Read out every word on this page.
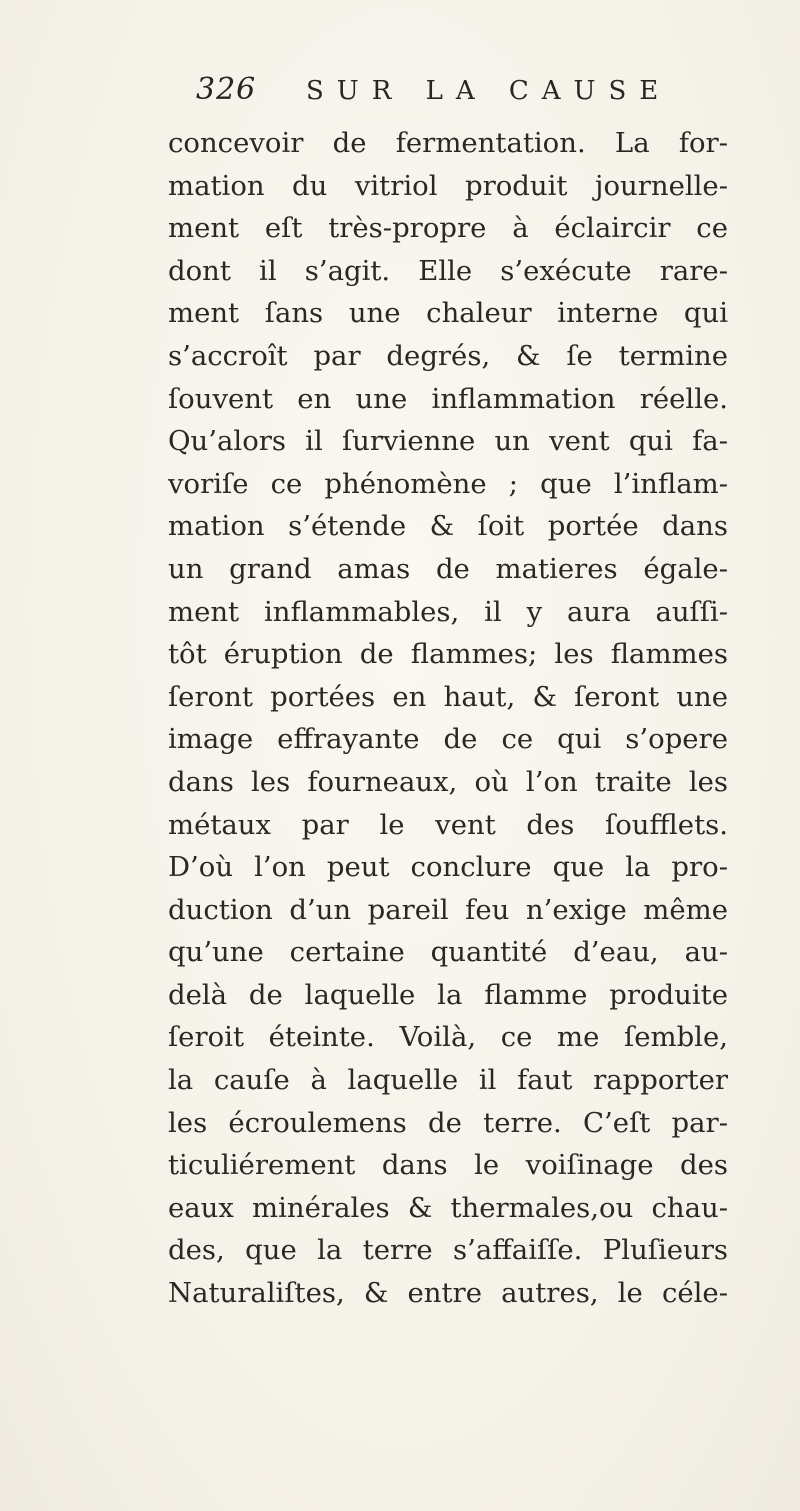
326 SUR LA CAUSE
concevoir de fermentation. La for-
mation du vitriol produit journelle-
ment eſt très-propre à éclaircir ce
dont il s’agit. Elle s’exécute rare-
ment ſans une chaleur interne qui
s’accroît par degrés, & ſe termine
ſouvent en une inflammation réelle.
Qu’alors il ſurvienne un vent qui fa-
voriſe ce phénomène ; que l’inflam-
mation s’étende & ſoit portée dans
un grand amas de matieres égale-
ment inflammables, il y aura auſſi-
tôt éruption de flammes; les flammes
ſeront portées en haut, & ſeront une
image effrayante de ce qui s’opere
dans les fourneaux, où l’on traite les
métaux par le vent des ſoufflets.
D’où l’on peut conclure que la pro-
duction d’un pareil feu n’exige même
qu’une certaine quantité d’eau, au-
delà de laquelle la flamme produite
ſeroit éteinte. Voilà, ce me ſemble,
la cauſe à laquelle il faut rapporter
les écroulemens de terre. C’eſt par-
ticuliérement dans le voiſinage des
eaux minérales & thermales,ou chau-
des, que la terre s’affaiſſe. Pluſieurs
Naturaliſtes, & entre autres, le céle-
